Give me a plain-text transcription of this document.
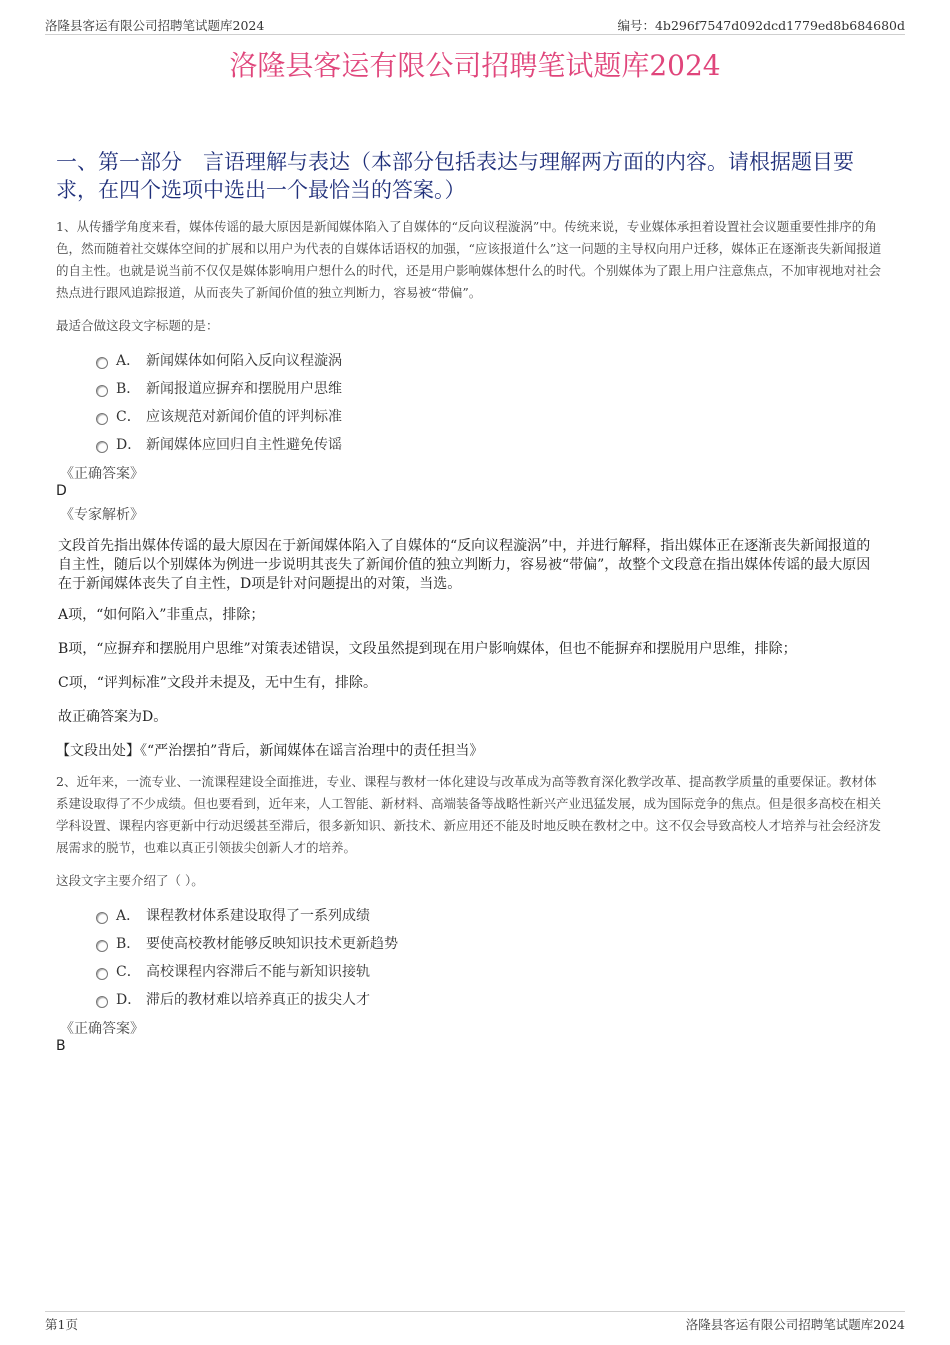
洛隆县客运有限公司招聘笔试题库2024	编号：4b296f7547d092dcd1779ed8b684680d
洛隆县客运有限公司招聘笔试题库2024
一、第一部分　言语理解与表达（本部分包括表达与理解两方面的内容。请根据题目要求，在四个选项中选出一个最恰当的答案。）
1、从传播学角度来看，媒体传谣的最大原因是新闻媒体陷入了自媒体的“反向议程漩涡”中。传统来说，专业媒体承担着设置社会议题重要性排序的角色，然而随着社交媒体空间的扩展和以用户为代表的自媒体话语权的加强，“应该报道什么”这一问题的主导权向用户迁移，媒体正在逐渐丧失新闻报道的自主性。也就是说当前不仅仅是媒体影响用户想什么的时代，还是用户影响媒体想什么的时代。个别媒体为了跟上用户注意焦点，不加审视地对社会热点进行跟风追踪报道，从而丧失了新闻价值的独立判断力，容易被“带偏”。
最适合做这段文字标题的是：
A． 新闻媒体如何陷入反向议程漩涡
B． 新闻报道应摒弃和摆脱用户思维
C． 应该规范对新闻价值的评判标准
D． 新闻媒体应回归自主性避免传谣
《正确答案》
D
《专家解析》
文段首先指出媒体传谣的最大原因在于新闻媒体陷入了自媒体的“反向议程漩涡”中，并进行解释，指出媒体正在逐渐丧失新闻报道的自主性，随后以个别媒体为例进一步说明其丧失了新闻价值的独立判断力，容易被“带偏”，故整个文段意在指出媒体传谣的最大原因在于新闻媒体丧失了自主性，D项是针对问题提出的对策，当选。
A项，“如何陷入”非重点，排除；
B项，“应摒弃和摆脱用户思维”对策表述错误，文段虽然提到现在用户影响媒体，但也不能摒弃和摆脱用户思维，排除；
C项，“评判标准”文段并未提及，无中生有，排除。
故正确答案为D。
【文段出处】《“严治摆拍”背后，新闻媒体在谣言治理中的责任担当》
2、近年来，一流专业、一流课程建设全面推进，专业、课程与教材一体化建设与改革成为高等教育深化教学改革、提高教学质量的重要保证。教材体系建设取得了不少成绩。但也要看到，近年来，人工智能、新材料、高端装备等战略性新兴产业迅猛发展，成为国际竞争的焦点。但是很多高校在相关学科设置、课程内容更新中行动迟缓甚至滞后，很多新知识、新技术、新应用还不能及时地反映在教材之中。这不仅会导致高校人才培养与社会经济发展需求的脱节，也难以真正引领拔尖创新人才的培养。
这段文字主要介绍了（ ）。
A． 课程教材体系建设取得了一系列成绩
B． 要使高校教材能够反映知识技术更新趋势
C． 高校课程内容滞后不能与新知识接轨
D． 滞后的教材难以培养真正的拔尖人才
《正确答案》
B
第1页	洛隆县客运有限公司招聘笔试题库2024
